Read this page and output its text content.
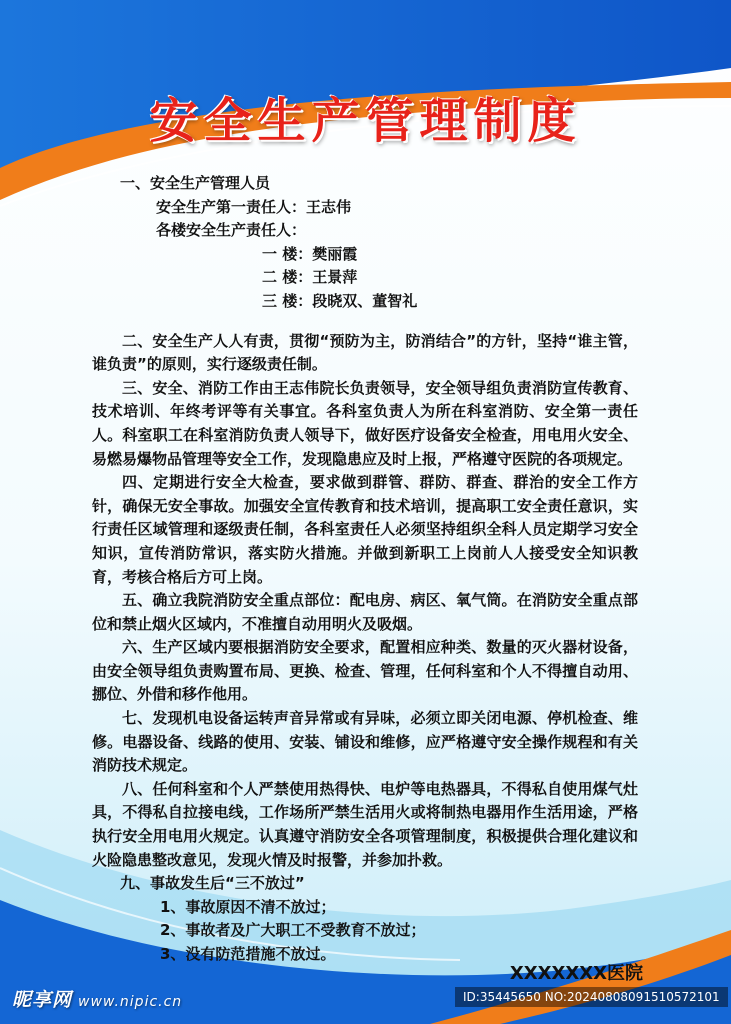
安全生产管理制度
一、安全生产管理人员
安全生产第一责任人：王志伟
各楼安全生产责任人：
一 楼：樊丽霞
二 楼：王景萍
三 楼：段晓双、董智礼
二、安全生产人人有责，贯彻“预防为主，防消结合”的方针，坚持“谁主管，谁负责”的原则，实行逐级责任制。
三、安全、消防工作由王志伟院长负责领导，安全领导组负责消防宣传教育、技术培训、年终考评等有关事宜。各科室负责人为所在科室消防、安全第一责任人。科室职工在科室消防负责人领导下，做好医疗设备安全检查，用电用火安全、易燃易爆物品管理等安全工作，发现隐患应及时上报，严格遵守医院的各项规定。
四、定期进行安全大检查，要求做到群管、群防、群查、群治的安全工作方针，确保无安全事故。加强安全宣传教育和技术培训，提高职工安全责任意识，实行责任区域管理和逐级责任制，各科室责任人必须坚持组织全科人员定期学习安全知识，宣传消防常识，落实防火措施。并做到新职工上岗前人人接受安全知识教育，考核合格后方可上岗。
五、确立我院消防安全重点部位：配电房、病区、氧气筒。在消防安全重点部位和禁止烟火区域内，不准擅自动用明火及吸烟。
六、生产区域内要根据消防安全要求，配置相应种类、数量的灭火器材设备，由安全领导组负责购置布局、更换、检查、管理，任何科室和个人不得擅自动用、挪位、外借和移作他用。
七、发现机电设备运转声音异常或有异味，必须立即关闭电源、停机检查、维修。电器设备、线路的使用、安装、铺设和维修，应严格遵守安全操作规程和有关消防技术规定。
八、任何科室和个人严禁使用热得快、电炉等电热器具，不得私自使用煤气灶具，不得私自拉接电线，工作场所严禁生活用火或将制热电器用作生活用途，严格执行安全用电用火规定。认真遵守消防安全各项管理制度，积极提供合理化建议和火险隐患整改意见，发现火情及时报警，并参加扑救。
九、事故发生后“三不放过”
1、事故原因不清不放过；
2、事故者及广大职工不受教育不放过；
3、没有防范措施不放过。
XXXXXXX医院
昵享网 www.nipic.cn	ID:35445650 NO:20240808091510572101
